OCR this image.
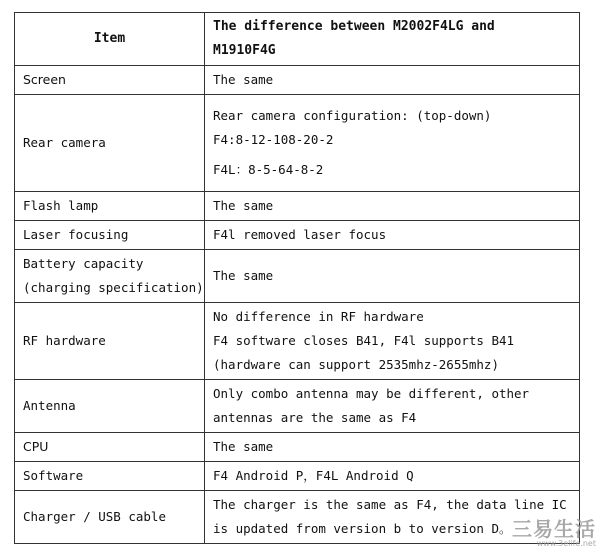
Item	The difference between M2002F4LG and
M1910F4G

Screen	The same
Rear camera	Rear camera configuration: (top-down)
F4:8-12-108-20-2
F4L：8-5-64-8-2

Flash lamp	The same
Laser focusing	F4l removed laser focus

Battery capacity
(charging specification)	The same
RF hardware	No difference in RF hardware
F4 software closes B41, F4l supports B41
(hardware can support 2535mhz-2655mhz)

Antenna	Only combo antenna may be different, other
antennas are the same as F4

CPU	The same
Software	F4 Android P，F4L Android Q
Charger / USB cable	The charger is the same as F4, the data line IC
is updated from version b to version D。 三易生活
www.3elife.net
